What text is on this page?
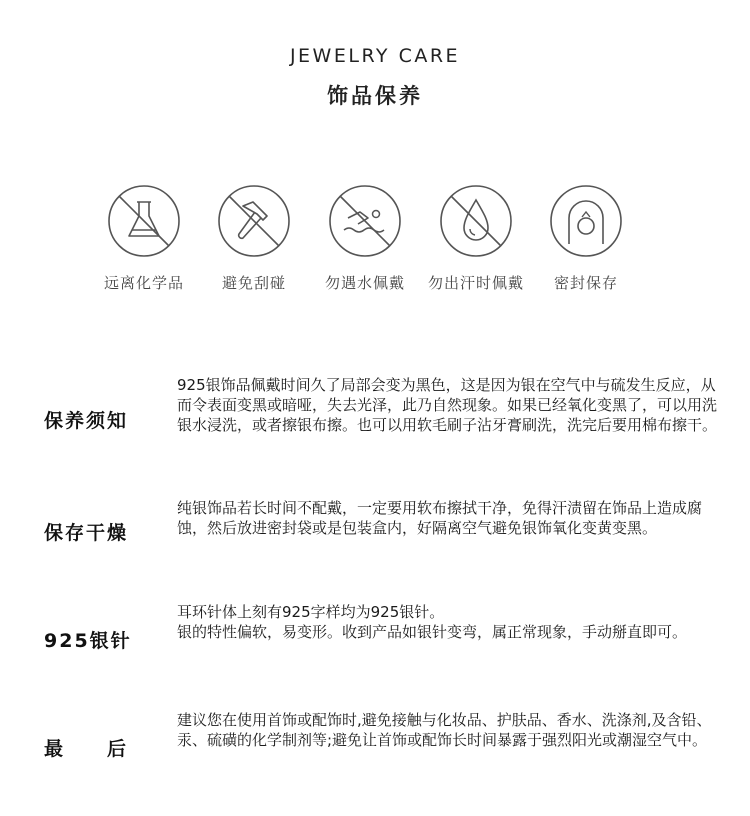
JEWELRY CARE
饰品保养
远离化学品	避免刮碰	勿遇水佩戴	勿出汗时佩戴	密封保存
保养须知

925银饰品佩戴时间久了局部会变为黑色，这是因为银在空气中与硫发生反应，从而令表面变黑或暗哑，失去光泽，此乃自然现象。如果已经氧化变黑了，可以用洗银水浸洗，或者擦银布擦。也可以用软毛刷子沾牙膏刷洗，洗完后要用棉布擦干。

保存干燥

纯银饰品若长时间不配戴，一定要用软布擦拭干净，免得汗渍留在饰品上造成腐蚀，然后放进密封袋或是包装盒内，好隔离空气避免银饰氧化变黄变黑。

925银针

耳环针体上刻有925字样均为925银针。

银的特性偏软，易变形。收到产品如银针变弯，属正常现象，手动掰直即可。

最　　后

建议您在使用首饰或配饰时,避免接触与化妆品、护肤品、香水、洗涤剂,及含铅、汞、硫磺的化学制剂等;避免让首饰或配饰长时间暴露于强烈阳光或潮湿空气中。
